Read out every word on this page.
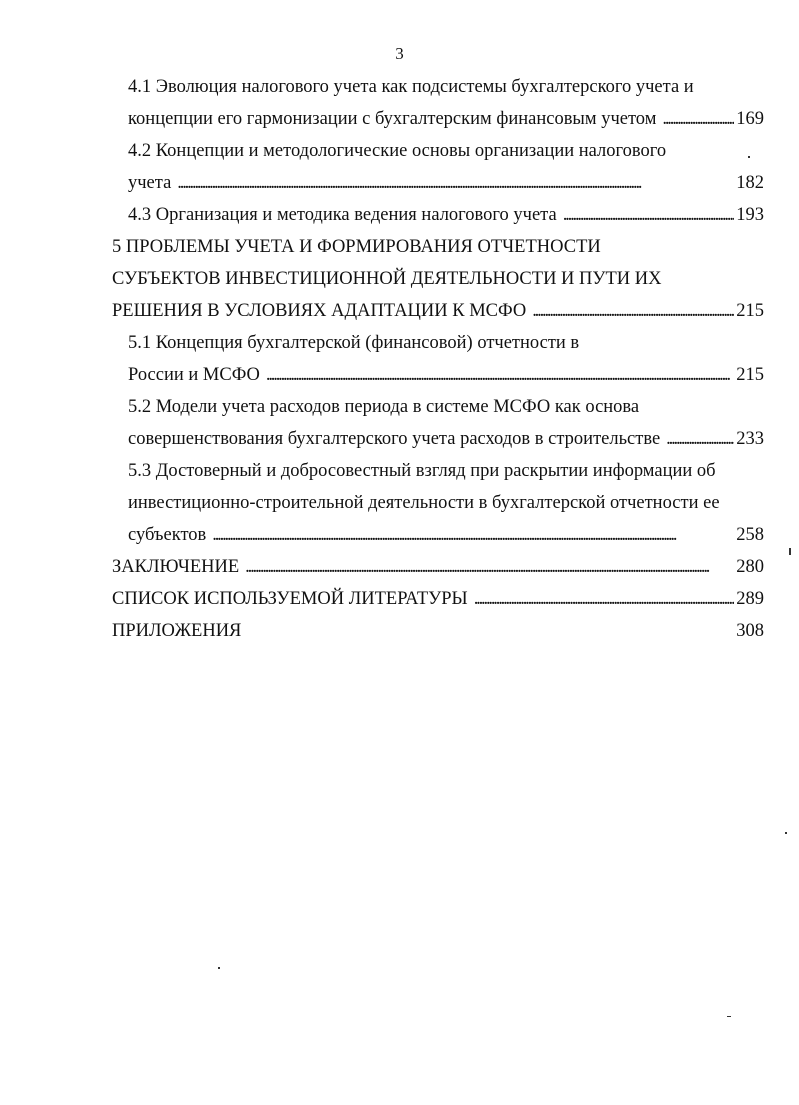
3
4.1 Эволюция налогового учета как подсистемы бухгалтерского учета и
концепции его гармонизации с бухгалтерским финансовым учетом . . .	169
4.2 Концепции и методологические основы организации налогового
учета . . .	182
4.3 Организация и методика ведения налогового учета . . .	193
5 ПРОБЛЕМЫ УЧЕТА И ФОРМИРОВАНИЯ ОТЧЕТНОСТИ
СУБЪЕКТОВ ИНВЕСТИЦИОННОЙ ДЕЯТЕЛЬНОСТИ И ПУТИ ИХ
РЕШЕНИЯ В УСЛОВИЯХ АДАПТАЦИИ К МСФО . . .	215
5.1 Концепция бухгалтерской (финансовой) отчетности в
России и МСФО . . .	215
5.2 Модели учета расходов периода в системе МСФО как основа
совершенствования бухгалтерского учета расходов в строительстве . . .	233
5.3 Достоверный и добросовестный взгляд при раскрытии информации об
инвестиционно-строительной деятельности в бухгалтерской отчетности ее
субъектов . . .	258
ЗАКЛЮЧЕНИЕ . . .	280
СПИСОК ИСПОЛЬЗУЕМОЙ ЛИТЕРАТУРЫ . . .	289
ПРИЛОЖЕНИЯ	308
